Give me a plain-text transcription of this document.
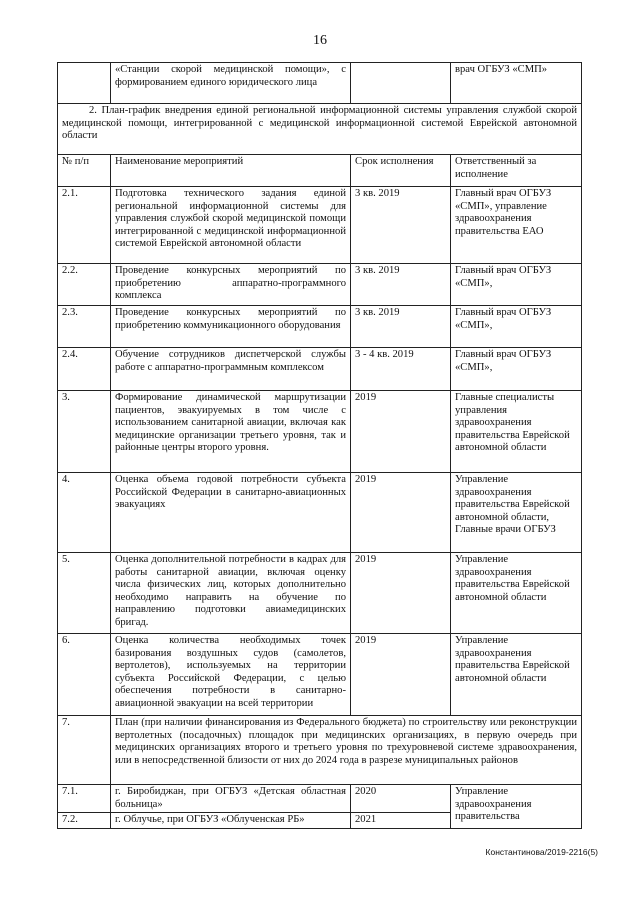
16
	«Станции скорой медицинской помощи», с формированием единого юридического лица		врач ОГБУЗ «СМП»
2. План-график внедрения единой региональной информационной системы управления службой скорой медицинской помощи, интегрированной с медицинской информационной системой Еврейской автономной области			
№ п/п	Наименование мероприятий	Срок исполнения	Ответственный за исполнение
2.1.	Подготовка технического задания единой региональной информационной системы для управления службой скорой медицинской помощи интегрированной с медицинской информационной системой Еврейской автономной области	3 кв. 2019	Главный врач ОГБУЗ «СМП», управление здравоохранения правительства ЕАО
2.2.	Проведение конкурсных мероприятий по приобретению аппаратно-программного комплекса	3 кв. 2019	Главный врач ОГБУЗ «СМП»,
2.3.	Проведение конкурсных мероприятий по приобретению коммуникационного оборудования	3 кв. 2019	Главный врач ОГБУЗ «СМП»,
2.4.	Обучение сотрудников диспетчерской службы работе с аппаратно-программным комплексом	3 - 4 кв. 2019	Главный врач ОГБУЗ «СМП»,
3.	Формирование динамической маршрутизации пациентов, эвакуируемых в том числе с использованием санитарной авиации, включая как медицинские организации третьего уровня, так и районные центры второго уровня.	2019	Главные специалисты управления здравоохранения правительства Еврейской автономной области
4.	Оценка объема годовой потребности субъекта Российской Федерации в санитарно-авиационных эвакуациях	2019	Управление здравоохранения правительства Еврейской автономной области, Главные врачи ОГБУЗ
5.	Оценка дополнительной потребности в кадрах для работы санитарной авиации, включая оценку числа физических лиц, которых дополнительно необходимо направить на обучение по направлению подготовки авиамедицинских бригад.	2019	Управление здравоохранения правительства Еврейской автономной области
6.	Оценка количества необходимых точек базирования воздушных судов (самолетов, вертолетов), используемых на территории субъекта Российской Федерации, с целью обеспечения потребности в санитарно-авиационной эвакуации на всей территории	2019	Управление здравоохранения правительства Еврейской автономной области
7.	План (при наличии финансирования из Федерального бюджета) по строительству или реконструкции вертолетных (посадочных) площадок при медицинских организациях, в первую очередь при медицинских организациях второго и третьего уровня по трехуровневой системе здравоохранения, или в непосредственной близости от них до 2024 года в разрезе муниципальных районов		
7.1.	г. Биробиджан, при ОГБУЗ «Детская областная больница»	2020	Управление здравоохранения правительства
7.2.	г. Облучье, при ОГБУЗ «Облученская РБ»	2021	
Константинова/2019-2216(5)
